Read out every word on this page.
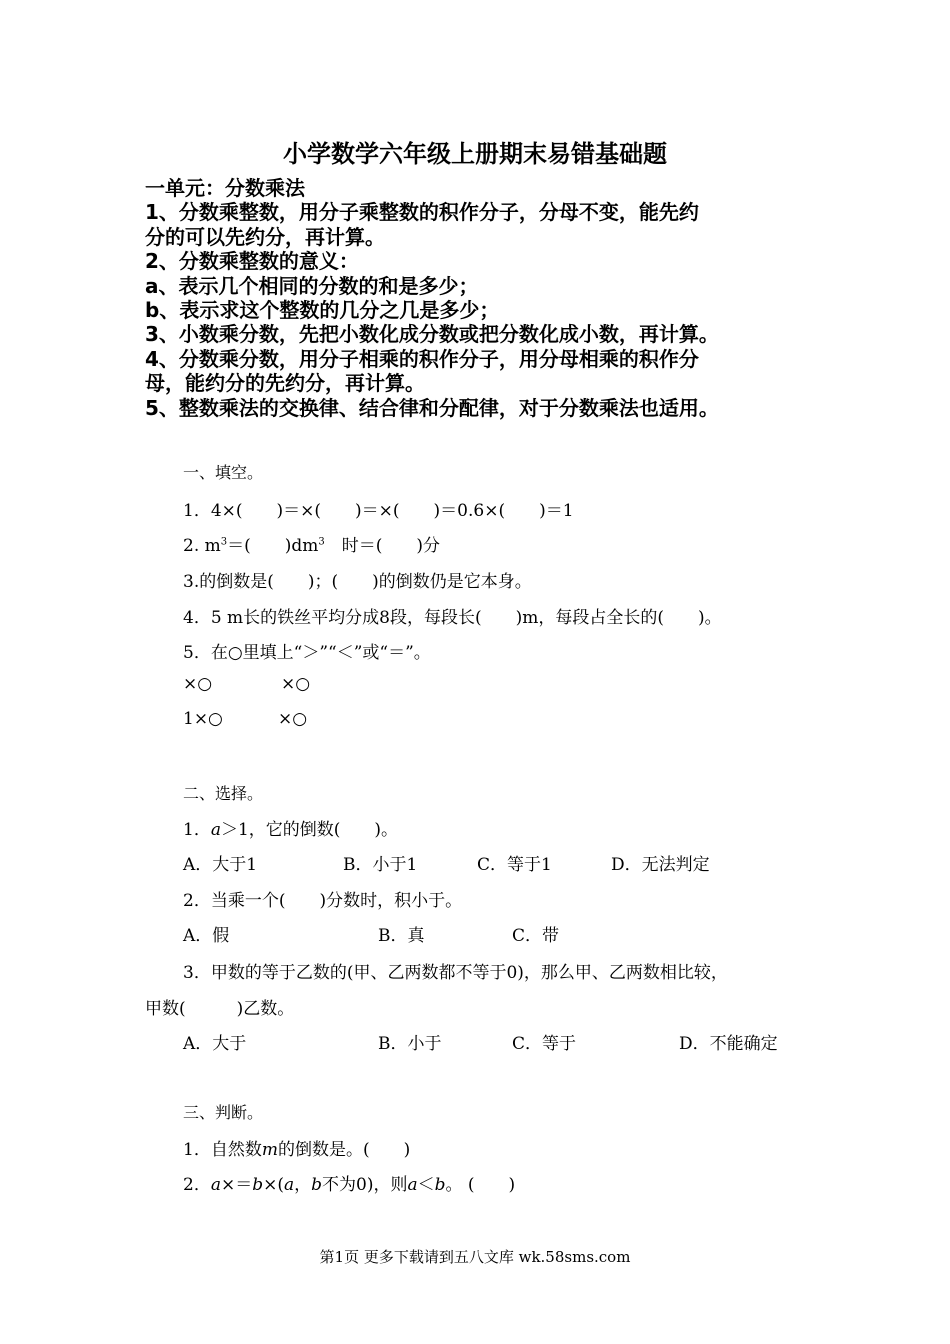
小学数学六年级上册期末易错基础题
一单元：分数乘法
1、分数乘整数，用分子乘整数的积作分子，分母不变，能先约
分的可以先约分，再计算。
2、分数乘整数的意义：
a、表示几个相同的分数的和是多少；
b、表示求这个整数的几分之几是多少；
3、小数乘分数，先把小数化成分数或把分数化成小数，再计算。
4、分数乘分数，用分子相乘的积作分子，用分母相乘的积作分
母，能约分的先约分，再计算。
5、整数乘法的交换律、结合律和分配律，对于分数乘法也适用。
一、填空。
1．4×(　　)＝×(　　)＝×(　　)＝0.6×(　　)＝1
2. $m^3=$(　　)$dm^3$　时＝(　　)分
3.的倒数是(　　)；(　　)的倒数仍是它本身。
4．5 m长的铁丝平均分成8段，每段长(　　)m，每段占全长的(　　)。
5．在○里填上“＞”“＜”或“＝”。
×○	×○
1×○	×○
二、选择。
1．a＞1，它的倒数(　　)。
A．大于1	B．小于1	C．等于1	D．无法判定
2．当乘一个(　　)分数时，积小于。
A．假	B．真	C．带
3．甲数的等于乙数的(甲、乙两数都不等于0)，那么甲、乙两数相比较，
甲数(　　　)乙数。
A．大于	B．小于	C．等于	D．不能确定
三、判断。
1．自然数m的倒数是。(　　)
2．a×＝b×(a，b不为0)，则a＜b。 (　　)
第1页 更多下载请到五八文库 wk.58sms.com
